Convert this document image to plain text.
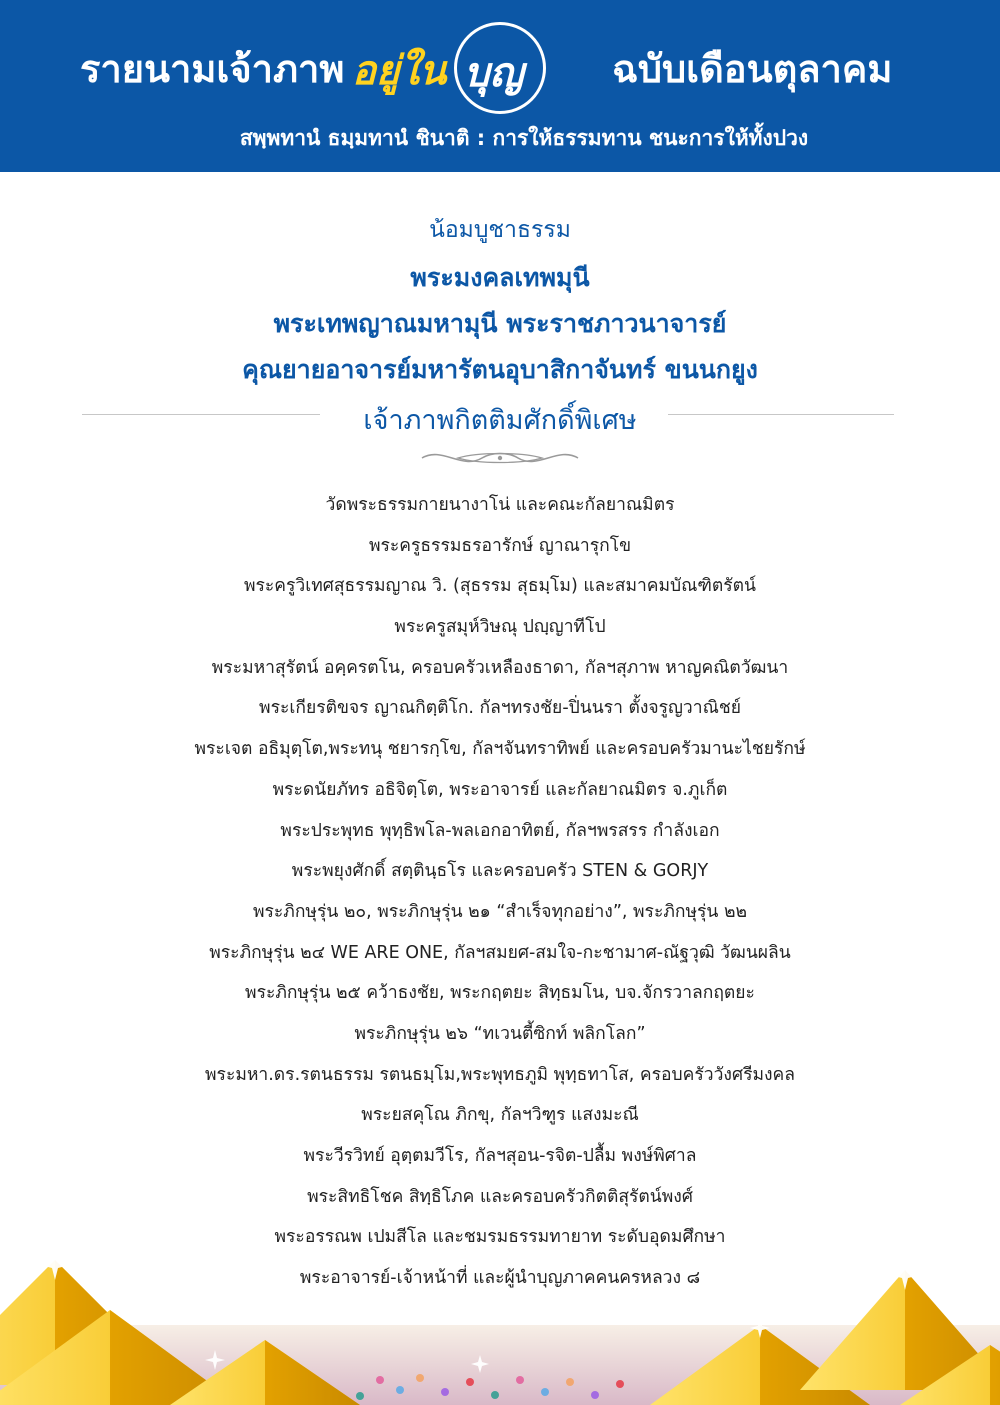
รายนามเจ้าภาพ อยู่ใน บุญ ฉบับเดือนตุลาคม
สพฺพทานํ ธมฺมทานํ ชินาติ : การให้ธรรมทาน ชนะการให้ทั้งปวง
น้อมบูชาธรรม
พระมงคลเทพมุนี
พระเทพญาณมหามุนี พระราชภาวนาจารย์
คุณยายอาจารย์มหารัตนอุบาสิกาจันทร์ ขนนกยูง
เจ้าภาพกิตติมศักดิ์พิเศษ
วัดพระธรรมกายนางาโน่ และคณะกัลยาณมิตร
พระครูธรรมธรอารักษ์ ญาณารุกโข
พระครูวิเทศสุธรรมญาณ วิ. (สุธรรม สุธมฺโม) และสมาคมบัณฑิตรัตน์
พระครูสมุห์วิษณุ ปญฺญาทีโป
พระมหาสุรัตน์ อคฺครตโน, ครอบครัวเหลืองธาดา, กัลฯสุภาพ หาญคณิตวัฒนา
พระเกียรติขจร ญาณกิตฺติโก. กัลฯทรงชัย-ปิ่นนรา ตั้งจรูญวาณิชย์
พระเจต อธิมุตฺโต,พระทนุ ชยารกฺโข, กัลฯจันทราทิพย์ และครอบครัวมานะไชยรักษ์
พระดนัยภัทร อธิจิตฺโต, พระอาจารย์ และกัลยาณมิตร จ.ภูเก็ต
พระประพุทธ พุทฺธิพโล-พลเอกอาทิตย์, กัลฯพรสรร กำลังเอก
พระพยุงศักดิ์ สตฺตินฺธโร และครอบครัว STEN & GORJY
พระภิกษุรุ่น ๒๐, พระภิกษุรุ่น ๒๑ “สำเร็จทุกอย่าง”, พระภิกษุรุ่น ๒๒
พระภิกษุรุ่น ๒๔ WE ARE ONE, กัลฯสมยศ-สมใจ-กะชามาศ-ณัฐวุฒิ วัฒนผลิน
พระภิกษุรุ่น ๒๕ คว้าธงชัย, พระกฤตยะ สิทฺธมโน, บจ.จักรวาลกฤตยะ
พระภิกษุรุ่น ๒๖ “ทเวนตี้ซิกท์ พลิกโลก”
พระมหา.ดร.รตนธรรม รตนธมฺโม,พระพุทธภูมิ พุทฺธทาโส, ครอบครัววังศรีมงคล
พระยสคุโณ ภิกขุ, กัลฯวิฑูร แสงมะณี
พระวีรวิทย์ อุตฺตมวีโร, กัลฯสุอน-รจิต-ปลื้ม พงษ์พิศาล
พระสิทธิโชค สิทฺธิโภค และครอบครัวกิตติสุรัตน์พงศ์
พระอรรณพ เปมสีโล และชมรมธรรมทายาท ระดับอุดมศึกษา
พระอาจารย์-เจ้าหน้าที่ และผู้นำบุญภาคคนครหลวง ๘
